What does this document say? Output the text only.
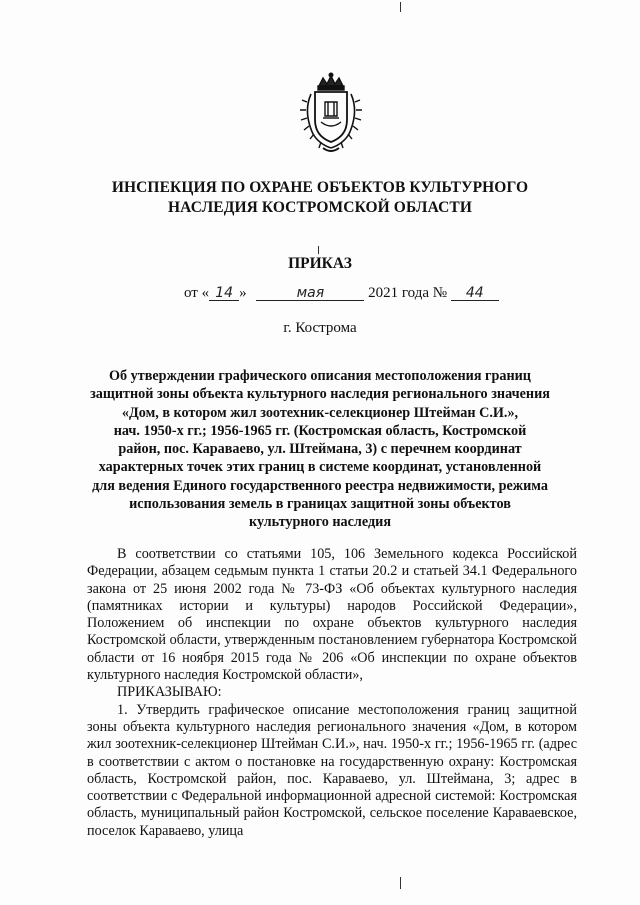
ИНСПЕКЦИЯ ПО ОХРАНЕ ОБЪЕКТОВ КУЛЬТУРНОГО
НАСЛЕДИЯ КОСТРОМСКОЙ ОБЛАСТИ
ПРИКАЗ
от « 14 »	мая	2021 года № 44
г. Кострома
Об утверждении графического описания местоположения границ
защитной зоны объекта культурного наследия регионального значения
«Дом, в котором жил зоотехник-селекционер Штейман С.И.»,
нач. 1950-х гг.; 1956-1965 гг. (Костромская область, Костромской
район, пос. Караваево, ул. Штеймана, 3) с перечнем координат
характерных точек этих границ в системе координат, установленной
для ведения Единого государственного реестра недвижимости, режима
использования земель в границах защитной зоны объектов
культурного наследия

В соответствии со статьями 105, 106 Земельного кодекса Российской Федерации, абзацем седьмым пункта 1 статьи 20.2 и статьей 34.1 Федерального закона от 25 июня 2002 года № 73-ФЗ «Об объектах культурного наследия (памятниках истории и культуры) народов Российской Федерации», Положением об инспекции по охране объектов культурного наследия Костромской области, утвержденным постановлением губернатора Костромской области от 16 ноября 2015 года № 206 «Об инспекции по охране объектов культурного наследия Костромской области»,

ПРИКАЗЫВАЮ:

1. Утвердить графическое описание местоположения границ защитной зоны объекта культурного наследия регионального значения «Дом, в котором жил зоотехник-селекционер Штейман С.И.», нач. 1950-х гг.; 1956-1965 гг. (адрес в соответствии с актом о постановке на государственную охрану: Костромская область, Костромской район, пос. Караваево, ул. Штеймана, 3; адрес в соответствии с Федеральной информационной адресной системой: Костромская область, муниципальный район Костромской, сельское поселение Караваевское, поселок Караваево, улица
